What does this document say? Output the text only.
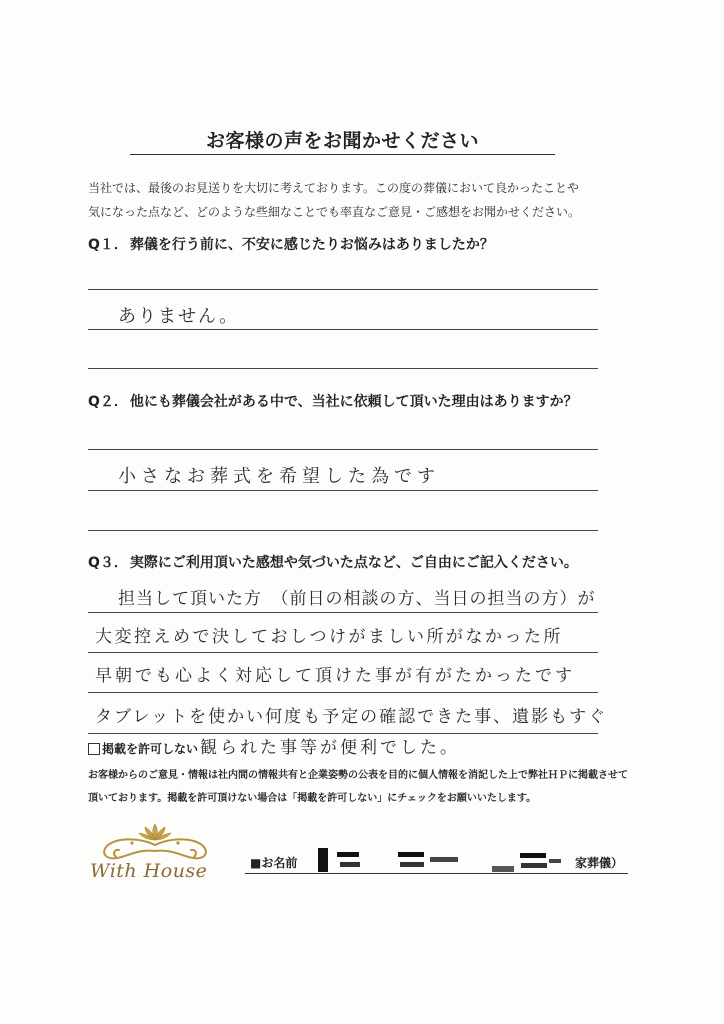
お客様の声をお聞かせください
当社では、最後のお見送りを大切に考えております。この度の葬儀において良かったことや
気になった点など、どのような些細なことでも率直なご意見・ご感想をお聞かせください。
Q１． 葬儀を行う前に、不安に感じたりお悩みはありましたか？
ありません。
Q２． 他にも葬儀会社がある中で、当社に依頼して頂いた理由はありますか？
小さなお葬式を希望した為です
Q３． 実際にご利用頂いた感想や気づいた点など、ご自由にご記入ください。
担当して頂いた方　（前日の相談の方、当日の担当の方）が
大変控えめで決しておしつけがましい所がなかった所
早朝でも心よく対応して頂けた事が有がたかったです
タブレットを使かい何度も予定の確認できた事、遺影もすぐ
観られた事等が便利でした。
掲載を許可しない
お客様からのご意見・情報は社内間の情報共有と企業姿勢の公表を目的に個人情報を消記した上で弊社ＨＰに掲載させて
頂いております。掲載を許可頂けない場合は「掲載を許可しない」にチェックをお願いいたします。
With House	■お名前	家葬儀）
